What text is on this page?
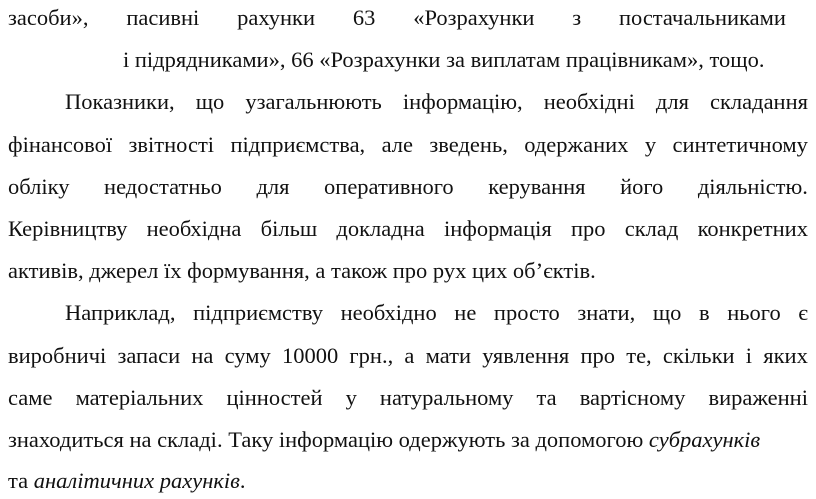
засоби», пасивні рахунки 63 «Розрахунки з постачальниками
і підрядниками», 66 «Розрахунки за виплатам працівникам», тощо.
Показники, що узагальнюють інформацію, необхідні для складання
фінансової звітності підприємства, але зведень, одержаних у синтетичному
обліку недостатньо для оперативного керування його діяльністю.
Керівництву необхідна більш докладна інформація про склад конкретних
активів, джерел їх формування, а також про рух цих об’єктів.
Наприклад, підприємству необхідно не просто знати, що в нього є
виробничі запаси на суму 10000 грн., а мати уявлення про те, скільки і яких
саме матеріальних цінностей у натуральному та вартісному вираженні
знаходиться на складі. Таку інформацію одержують за допомогою субрахунків
та аналітичних рахунків.
